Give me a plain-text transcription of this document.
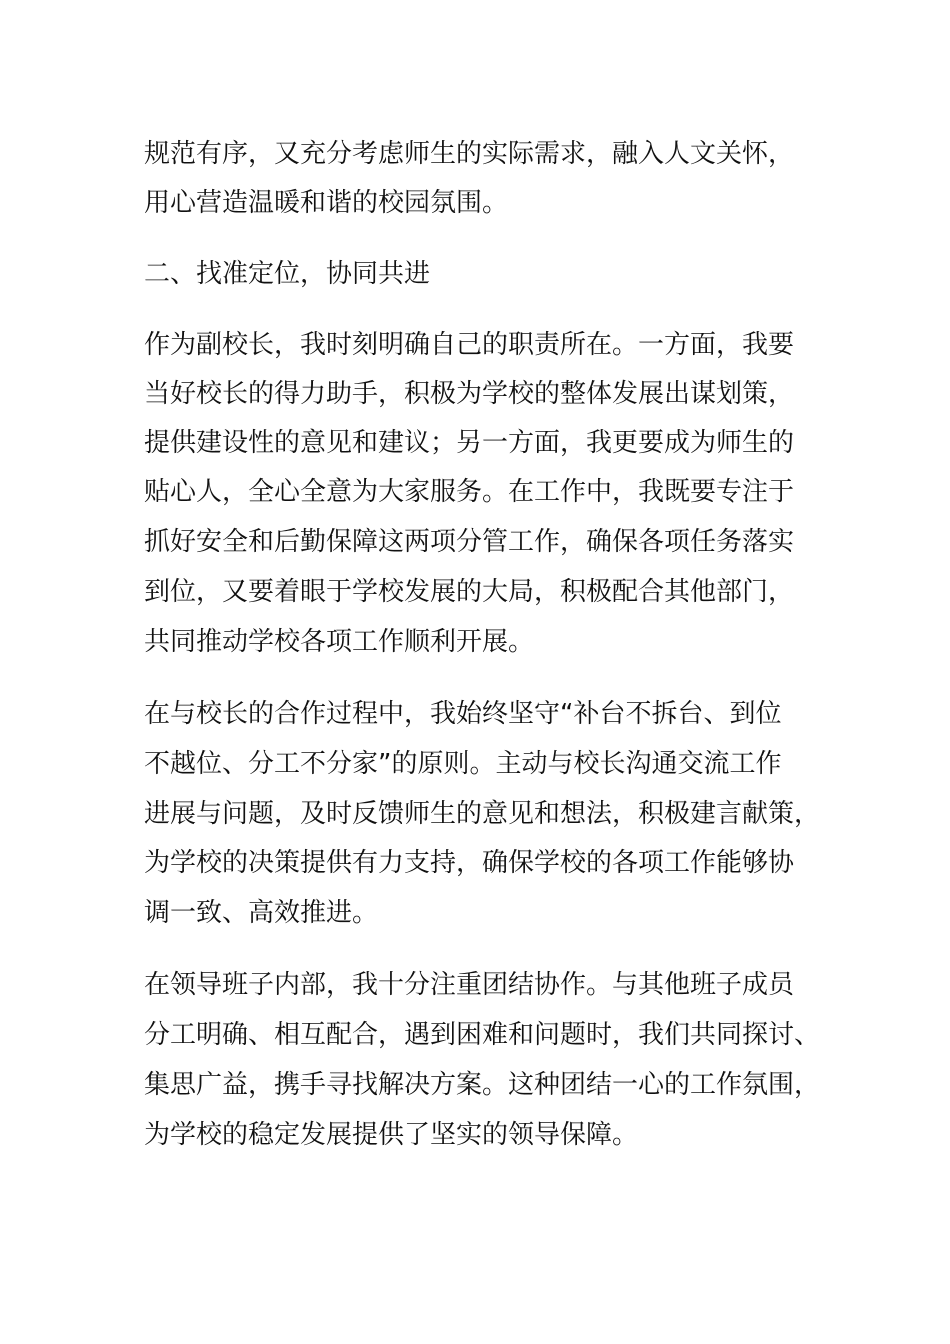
规范有序，又充分考虑师生的实际需求，融入人文关怀，
用心营造温暖和谐的校园氛围。
二、找准定位，协同共进
作为副校长，我时刻明确自己的职责所在。一方面，我要
当好校长的得力助手，积极为学校的整体发展出谋划策，
提供建设性的意见和建议；另一方面，我更要成为师生的
贴心人，全心全意为大家服务。在工作中，我既要专注于
抓好安全和后勤保障这两项分管工作，确保各项任务落实
到位，又要着眼于学校发展的大局，积极配合其他部门，
共同推动学校各项工作顺利开展。
在与校长的合作过程中，我始终坚守“补台不拆台、到位
不越位、分工不分家”的原则。主动与校长沟通交流工作
进展与问题，及时反馈师生的意见和想法，积极建言献策，
为学校的决策提供有力支持，确保学校的各项工作能够协
调一致、高效推进。
在领导班子内部，我十分注重团结协作。与其他班子成员
分工明确、相互配合，遇到困难和问题时，我们共同探讨、
集思广益，携手寻找解决方案。这种团结一心的工作氛围，
为学校的稳定发展提供了坚实的领导保障。
